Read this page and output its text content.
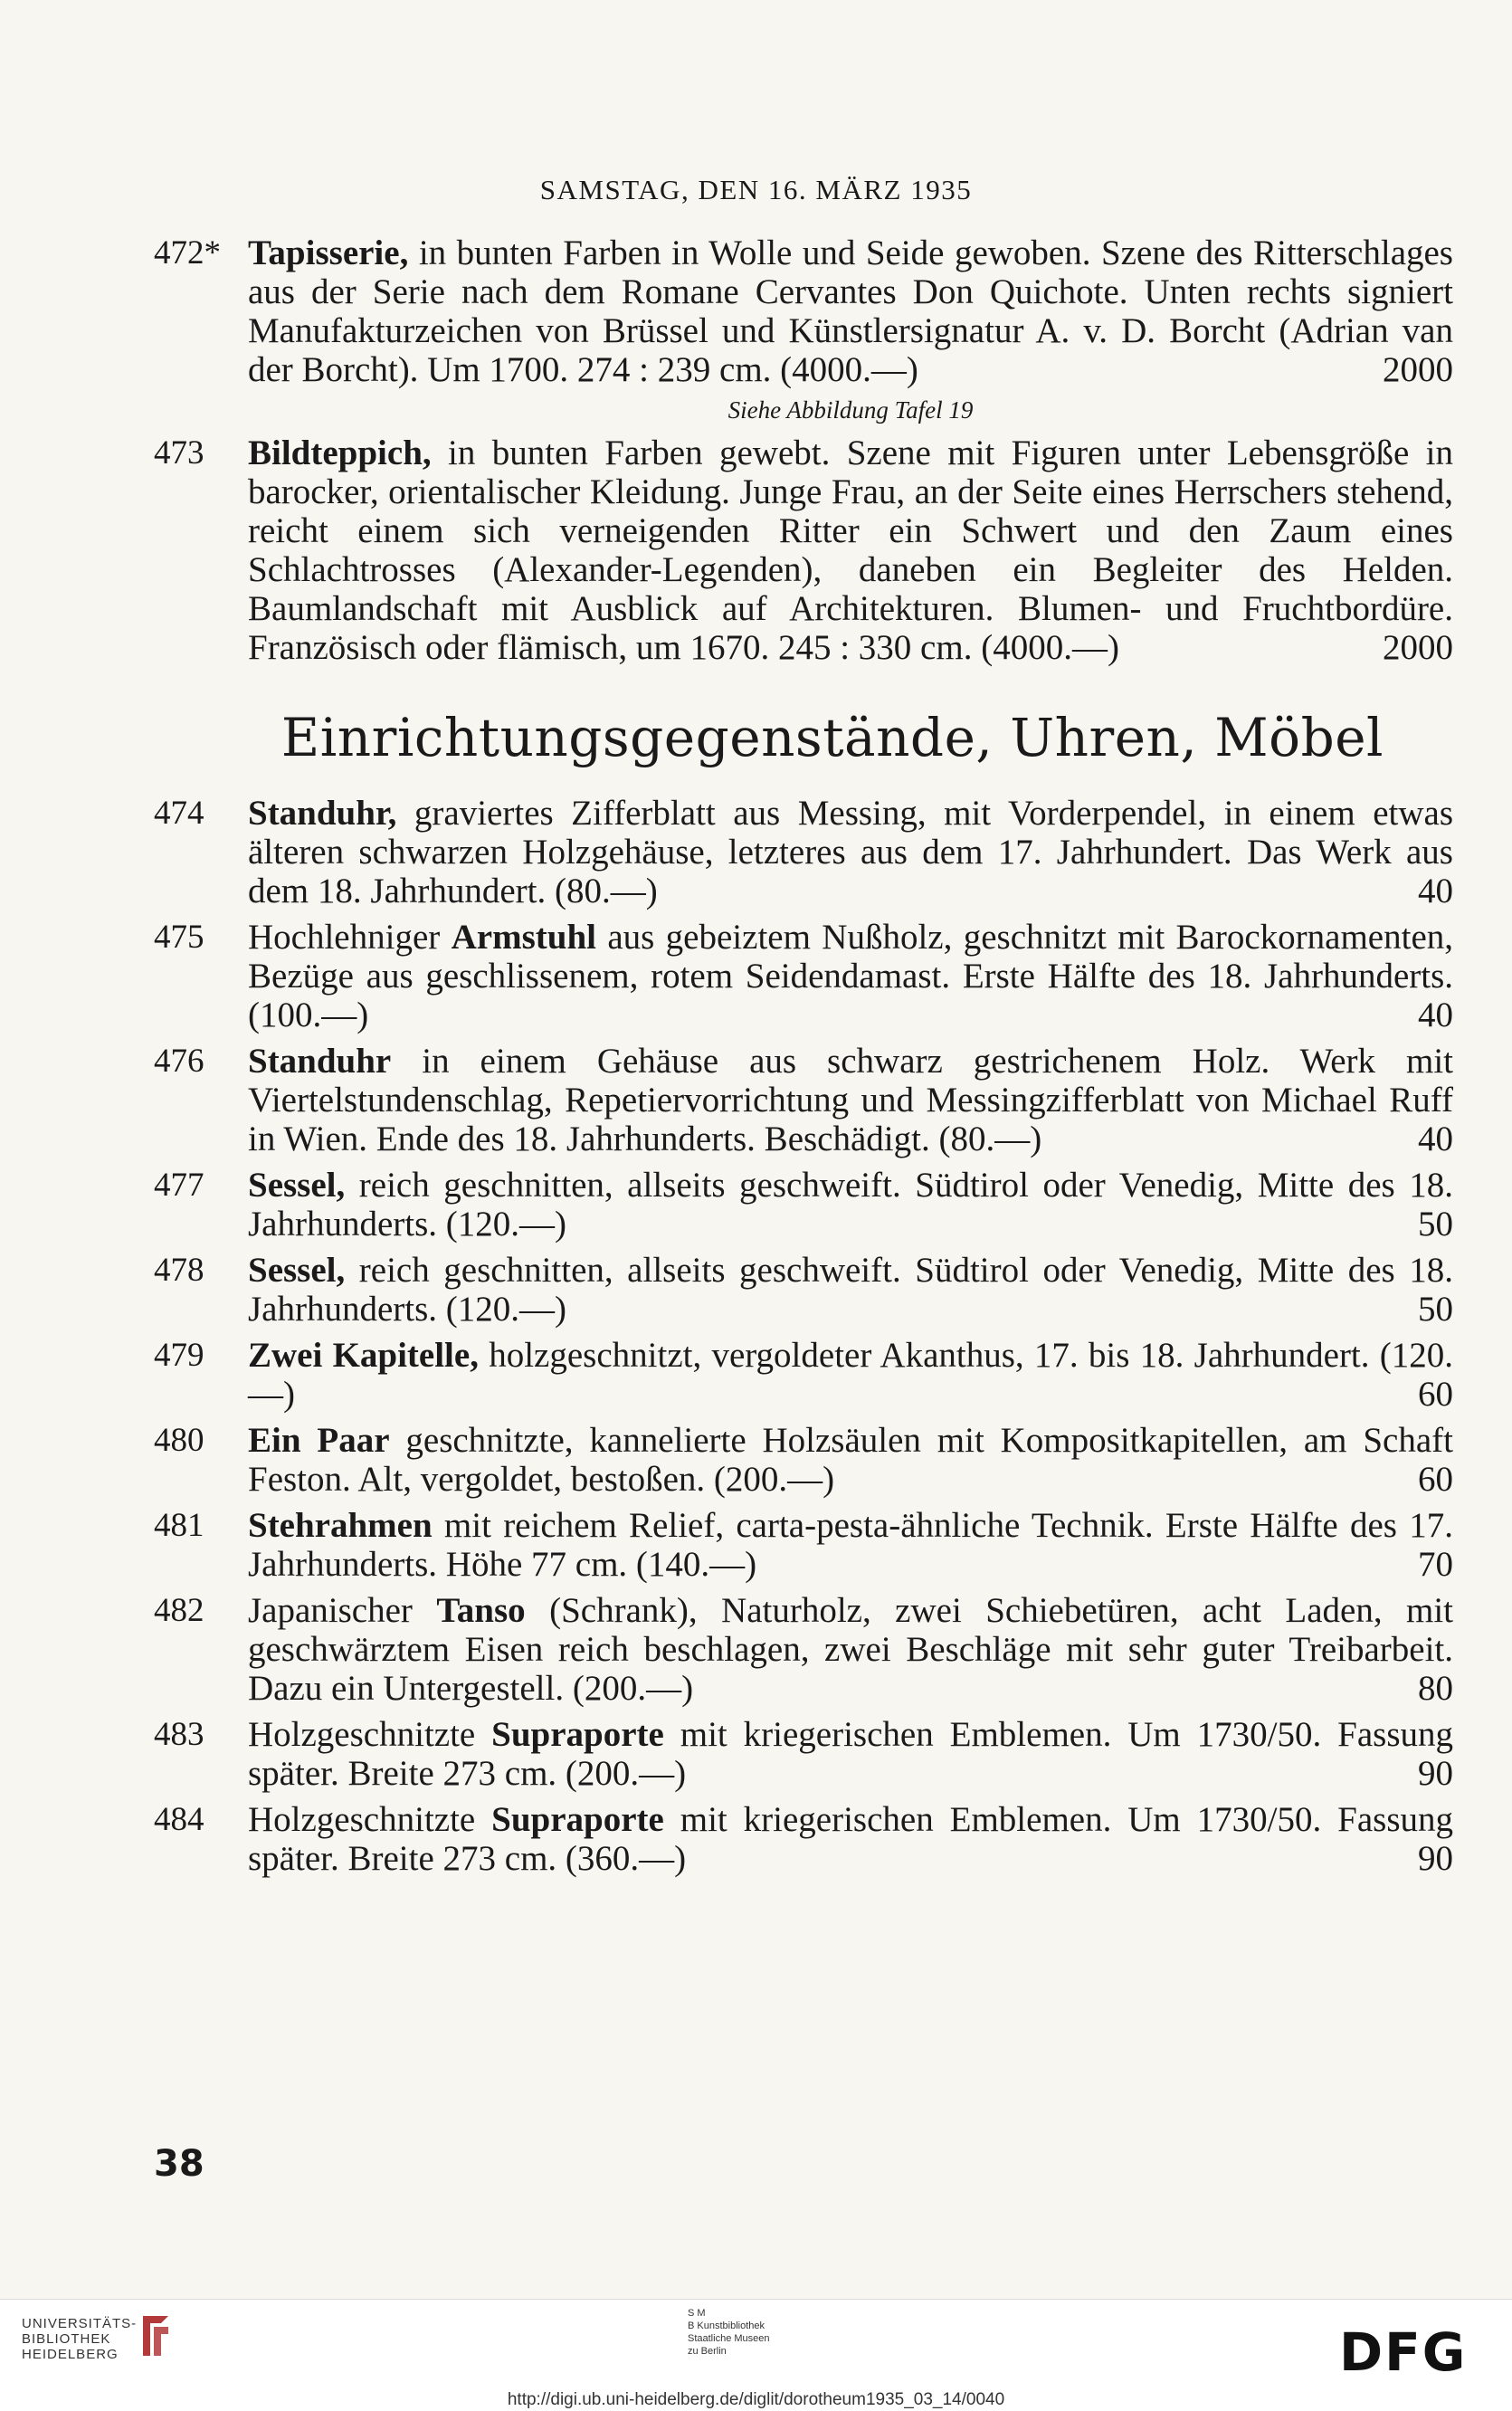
SAMSTAG, DEN 16. MÄRZ 1935
472* Tapisserie, in bunten Farben in Wolle und Seide gewoben. Szene des Ritterschlages aus der Serie nach dem Romane Cervantes Don Quichote. Unten rechts signiert Manufakturzeichen von Brüssel und Künstlersignatur A. v. D. Borcht (Adrian van der Borcht). Um 1700. 274 : 239 cm. (4000.—)	2000
Siehe Abbildung Tafel 19
473	Bildteppich, in bunten Farben gewebt. Szene mit Figuren unter Lebensgröße in barocker, orientalischer Kleidung. Junge Frau, an der Seite eines Herrschers stehend, reicht einem sich verneigenden Ritter ein Schwert und den Zaum eines Schlachtrosses (Alexander-Legenden), daneben ein Begleiter des Helden. Baumlandschaft mit Ausblick auf Architekturen. Blumen- und Fruchtbordüre. Französisch oder flämisch, um 1670. 245 : 330 cm. (4000.—)	2000
Einrichtungsgegenstände, Uhren, Möbel
474	Standuhr, graviertes Zifferblatt aus Messing, mit Vorderpendel, in einem etwas älteren schwarzen Holzgehäuse, letzteres aus dem 17. Jahrhundert. Das Werk aus dem 18. Jahrhundert. (80.—)	40
475	Hochlehniger Armstuhl aus gebeiztem Nußholz, geschnitzt mit Barockornamenten, Bezüge aus geschlissenem, rotem Seidendamast. Erste Hälfte des 18. Jahrhunderts. (100.—)	40
476	Standuhr in einem Gehäuse aus schwarz gestrichenem Holz. Werk mit Viertelstundenschlag, Repetiervorrichtung und Messingzifferblatt von Michael Ruff in Wien. Ende des 18. Jahrhunderts. Beschädigt. (80.—)	40
477	Sessel, reich geschnitten, allseits geschweift. Südtirol oder Venedig, Mitte des 18. Jahrhunderts. (120.—)	50
478	Sessel, reich geschnitten, allseits geschweift. Südtirol oder Venedig, Mitte des 18. Jahrhunderts. (120.—)	50
479	Zwei Kapitelle, holzgeschnitzt, vergoldeter Akanthus, 17. bis 18. Jahrhundert. (120.—)	60
480	Ein Paar geschnitzte, kannelierte Holzsäulen mit Kompositkapitellen, am Schaft Feston. Alt, vergoldet, bestoßen. (200.—)	60
481	Stehrahmen mit reichem Relief, carta-pesta-ähnliche Technik. Erste Hälfte des 17. Jahrhunderts. Höhe 77 cm. (140.—)	70
482	Japanischer Tanso (Schrank), Naturholz, zwei Schiebetüren, acht Laden, mit geschwärztem Eisen reich beschlagen, zwei Beschläge mit sehr guter Treibarbeit. Dazu ein Untergestell. (200.—)	80
483	Holzgeschnitzte Supraporte mit kriegerischen Emblemen. Um 1730/50. Fassung später. Breite 273 cm. (200.—)	90
484	Holzgeschnitzte Supraporte mit kriegerischen Emblemen. Um 1730/50. Fassung später. Breite 273 cm. (360.—)	90
38
UNIVERSITÄTS-
BIBLIOTHEK
HEIDELBERG
S M
B Kunstbibliothek
Staatliche Museen
zu Berlin	DFG
http://digi.ub.uni-heidelberg.de/diglit/dorotheum1935_03_14/0040
